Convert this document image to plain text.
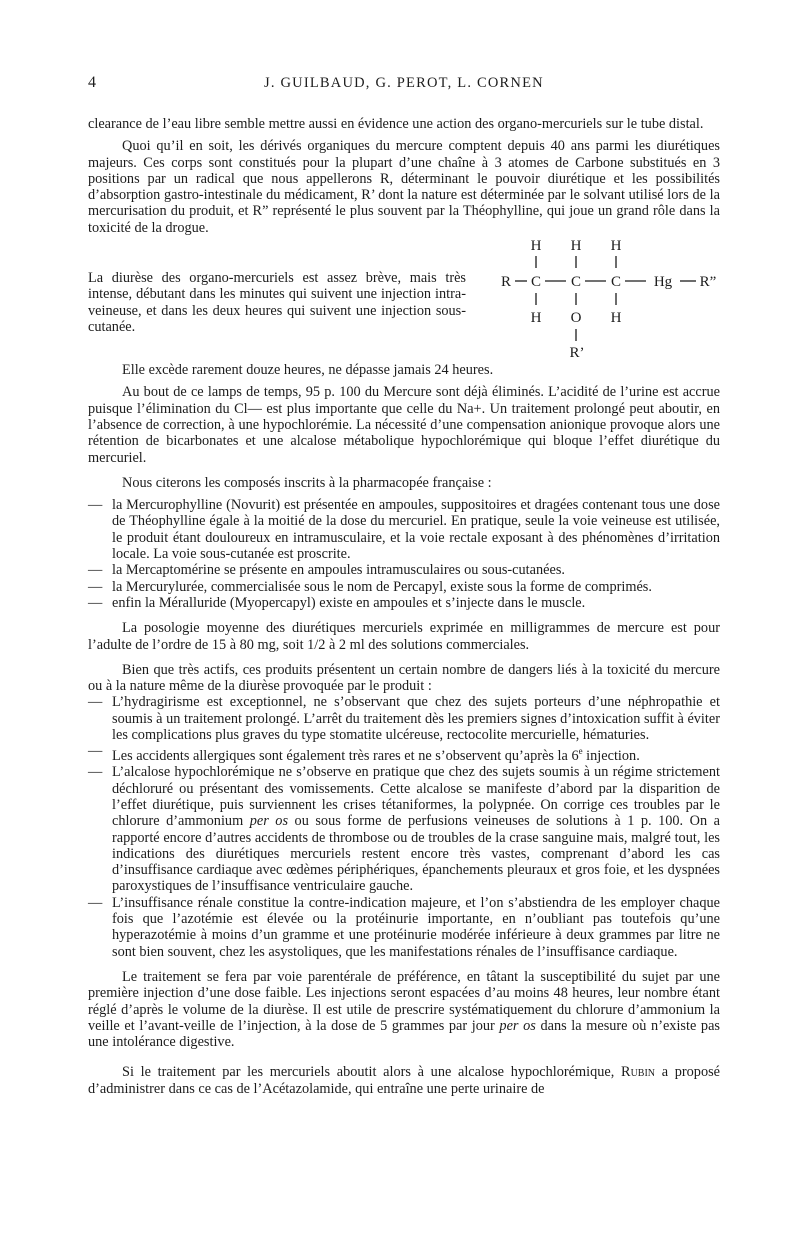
4	J. GUILBAUD, G. PEROT, L. CORNEN

clearance de l’eau libre semble mettre aussi en évidence une action des organo-mercuriels sur le tube distal.

Quoi qu’il en soit, les dérivés organiques du mercure comptent depuis 40 ans parmi les diurétiques majeurs. Ces corps sont constitués pour la plupart d’une chaîne à 3 atomes de Carbone substitués en 3 positions par un radical que nous appellerons R, déterminant le pouvoir diurétique et les possibilités d’absorption gastro-intestinale du médicament, R’ dont la nature est déterminée par le solvant utilisé lors de la mercurisation du produit, et R” représenté le plus souvent par la Théophylline, qui joue un grand rôle dans la toxicité de la drogue.

La diurèse des organo-mercuriels est assez brève, mais très intense, débutant dans les minutes qui suivent une injection intra-veineuse, et dans les deux heures qui suivent une injection sous-cutanée.

H H H
R C C C Hg R”
H O H
R’

Elle excède rarement douze heures, ne dépasse jamais 24 heures.

Au bout de ce lamps de temps, 95 p. 100 du Mercure sont déjà éliminés. L’acidité de l’urine est accrue puisque l’élimination du Cl— est plus importante que celle du Na+. Un traitement prolongé peut aboutir, en l’absence de correction, à une hypochlorémie. La nécessité d’une compensation anionique provoque alors une rétention de bicarbonates et une alcalose métabolique hypochlorémique qui bloque l’effet diurétique du mercuriel.

Nous citerons les composés inscrits à la pharmacopée française :

— la Mercurophylline (Novurit) est présentée en ampoules, suppositoires et dragées contenant tous une dose de Théophylline égale à la moitié de la dose du mercuriel. En pratique, seule la voie veineuse est utilisée, le produit étant douloureux en intramusculaire, et la voie rectale exposant à des phénomènes d’irritation locale. La voie sous-cutanée est proscrite.
— la Mercaptomérine se présente en ampoules intramusculaires ou sous-cutanées.
— la Mercurylurée, commercialisée sous le nom de Percapyl, existe sous la forme de comprimés.
— enfin la Méralluride (Myopercapyl) existe en ampoules et s’injecte dans le muscle.

La posologie moyenne des diurétiques mercuriels exprimée en milligrammes de mercure est pour l’adulte de l’ordre de 15 à 80 mg, soit 1/2 à 2 ml des solutions commerciales.

Bien que très actifs, ces produits présentent un certain nombre de dangers liés à la toxicité du mercure ou à la nature même de la diurèse provoquée par le produit :

— L’hydragirisme est exceptionnel, ne s’observant que chez des sujets porteurs d’une néphropathie et soumis à un traitement prolongé. L’arrêt du traitement dès les premiers signes d’intoxication suffit à éviter les complications plus graves du type stomatite ulcéreuse, rectocolite mercurielle, hématuries.
— Les accidents allergiques sont également très rares et ne s’observent qu’après la 6e injection.
— L’alcalose hypochlorémique ne s’observe en pratique que chez des sujets soumis à un régime strictement déchloruré ou présentant des vomissements. Cette alcalose se manifeste d’abord par la disparition de l’effet diurétique, puis surviennent les crises tétaniformes, la polypnée. On corrige ces troubles par le chlorure d’ammonium per os ou sous forme de perfusions veineuses de solutions à 1 p. 100. On a rapporté encore d’autres accidents de thrombose ou de troubles de la crase sanguine mais, malgré tout, les indications des diurétiques mercuriels restent encore très vastes, comprenant d’abord les cas d’insuffisance cardiaque avec œdèmes périphériques, épanchements pleuraux et gros foie, et les dyspnées paroxystiques de l’insuffisance ventriculaire gauche.
— L’insuffisance rénale constitue la contre-indication majeure, et l’on s’abstiendra de les employer chaque fois que l’azotémie est élevée ou la protéinurie importante, en n’oubliant pas toutefois qu’une hyperazotémie à moins d’un gramme et une protéinurie modérée inférieure à deux grammes par litre ne sont bien souvent, chez les asystoliques, que les manifestations rénales de l’insuffisance cardiaque.

Le traitement se fera par voie parentérale de préférence, en tâtant la susceptibilité du sujet par une première injection d’une dose faible. Les injections seront espacées d’au moins 48 heures, leur nombre étant réglé d’après le volume de la diurèse. Il est utile de prescrire systématiquement du chlorure d’ammonium la veille et l’avant-veille de l’injection, à la dose de 5 grammes par jour per os dans la mesure où n’existe pas une intolérance digestive.

Si le traitement par les mercuriels aboutit alors à une alcalose hypochlorémique, Rubin a proposé d’administrer dans ce cas de l’Acétazolamide, qui entraîne une perte urinaire de
